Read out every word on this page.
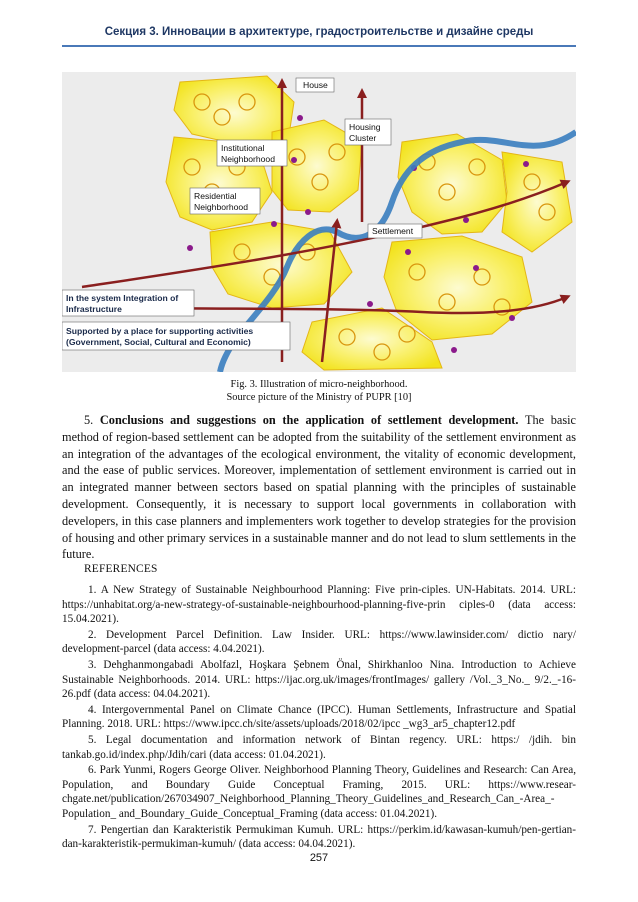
Секция 3. Инновации в архитектуре, градостроительстве и дизайне среды
House
Housing
Cluster
Institutional
Neighborhood
Residential
Neighborhood
Settlement
In the system Integration of
Infrastructure
Supported by a place for supporting activities
(Government, Social, Cultural and Economic)
Fig. 3. Illustration of micro-neighborhood.
Source picture of the Ministry of PUPR [10]

5. Conclusions and suggestions on the application of settlement development. The basic method of region-based settlement can be adopted from the suitability of the settlement environment as an integration of the advantages of the ecological environment, the vitality of economic development, and the ease of public services. Moreover, implementation of settlement environment is carried out in an integrated manner between sectors based on spatial planning with the principles of sustainable development. Consequently, it is necessary to support local governments in collaboration with developers, in this case planners and implementers work together to develop strategies for the provision of housing and other primary services in a sustainable manner and do not lead to slum settlements in the future.

REFERENCES

1. A New Strategy of Sustainable Neighbourhood Planning: Five prin-ciples. UN-Habitats. 2014. URL: https://unhabitat.org/a-new-strategy-of-sustainable-neighbourhood-planning-five-prin ciples-0 (data access: 15.04.2021).

2. Development Parcel Definition. Law Insider. URL: https://www.lawinsider.com/ dictio nary/ development-parcel (data access: 4.04.2021).

3. Dehghanmongabadi Abolfazl, Hoşkara Şebnem Önal, Shirkhanloo Nina. Introduction to Achieve Sustainable Neighborhoods. 2014. URL: https://ijac.org.uk/images/frontImages/ gallery /Vol._3_No._ 9/2._-16-26.pdf (data access: 04.04.2021).

4. Intergovernmental Panel on Climate Chance (IPCC). Human Settlements, Infrastructure and Spatial Planning. 2018. URL: https://www.ipcc.ch/site/assets/uploads/2018/02/ipcc _wg3_ar5_chapter12.pdf

5. Legal documentation and information network of Bintan regency. URL: https:/ /jdih. bin tankab.go.id/index.php/Jdih/cari (data access: 01.04.2021).

6. Park Yunmi, Rogers George Oliver. Neighborhood Planning Theory, Guidelines and Research: Can Area, Population, and Boundary Guide Conceptual Framing, 2015. URL: https://www.resear-chgate.net/publication/267034907_Neighborhood_Planning_Theory_Guidelines_and_Research_Can_-Area_-Population_ and_Boundary_Guide_Conceptual_Framing (data access: 01.04.2021).

7. Pengertian dan Karakteristik Permukiman Kumuh. URL: https://perkim.id/kawasan-kumuh/pen-gertian-dan-karakteristik-permukiman-kumuh/ (data access: 04.04.2021).

257
